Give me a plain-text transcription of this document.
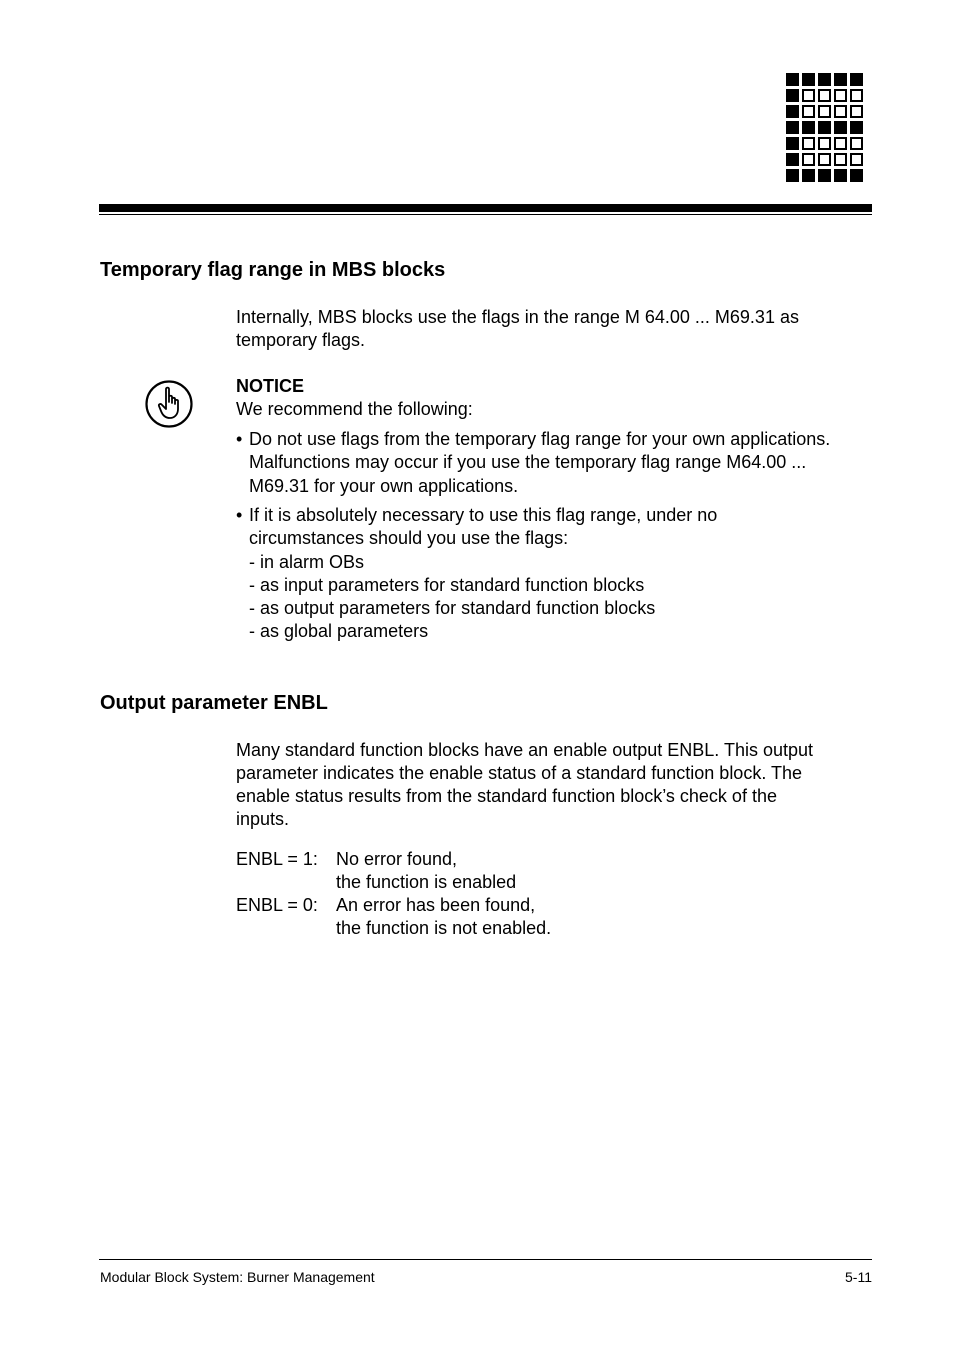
Temporary flag range in MBS blocks

Internally, MBS blocks use the flags in the range M 64.00 ... M69.31 as
temporary flags.

NOTICE
We recommend the following:

• Do not use flags from the temporary flag range for your own applications.
Malfunctions may occur if you use the temporary flag range M64.00 ...
M69.31 for your own applications.
• If it is absolutely necessary to use this flag range, under no
circumstances should you use the flags:
- in alarm OBs
- as input parameters for standard function blocks
- as output parameters for standard function blocks
- as global parameters
Output parameter ENBL

Many standard function blocks have an enable output ENBL. This output
parameter indicates the enable status of a standard function block. The
enable status results from the standard function block’s check of the
inputs.

ENBL = 1:	No error found,
the function is enabled
ENBL = 0:	An error has been found,
the function is not enabled.
Modular Block System: Burner Management	5-11
